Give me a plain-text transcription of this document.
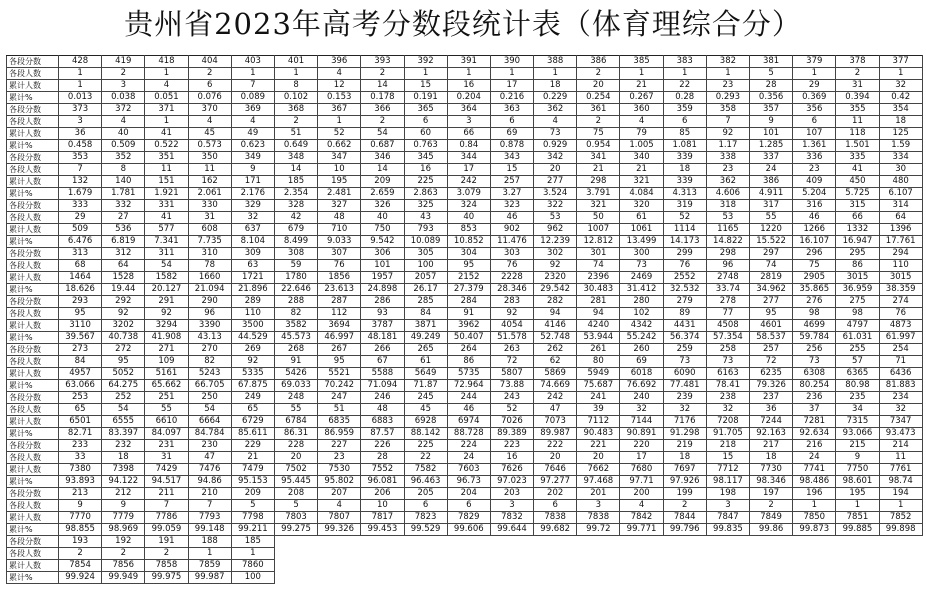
贵州省2023年高考分数段统计表（体育理综合分）
各段分数	428	419	418	404	403	401	396	393	392	391	390	388	386	385	383	382	381	379	378	377
各段人数	1	2	1	2	1	1	4	2	1	1	1	1	2	1	1	1	5	1	2	1
累计人数	1	3	4	6	7	8	12	14	15	16	17	18	20	21	22	23	28	29	31	32
累计%	0.013	0.038	0.051	0.076	0.089	0.102	0.153	0.178	0.191	0.204	0.216	0.229	0.254	0.267	0.28	0.293	0.356	0.369	0.394	0.42
各段分数	373	372	371	370	369	368	367	366	365	364	363	362	361	360	359	358	357	356	355	354
各段人数	3	4	1	4	4	2	1	2	6	3	6	4	2	4	6	7	9	6	11	18
累计人数	36	40	41	45	49	51	52	54	60	66	69	73	75	79	85	92	101	107	118	125
累计%	0.458	0.509	0.522	0.573	0.623	0.649	0.662	0.687	0.763	0.84	0.878	0.929	0.954	1.005	1.081	1.17	1.285	1.361	1.501	1.59
各段分数	353	352	351	350	349	348	347	346	345	344	343	342	341	340	339	338	337	336	335	334
各段人数	7	8	11	11	9	14	10	14	16	17	15	20	21	21	18	23	24	23	41	30
累计人数	132	140	151	162	171	185	195	209	225	242	257	277	298	321	339	362	386	409	450	480
累计%	1.679	1.781	1.921	2.061	2.176	2.354	2.481	2.659	2.863	3.079	3.27	3.524	3.791	4.084	4.313	4.606	4.911	5.204	5.725	6.107
各段分数	333	332	331	330	329	328	327	326	325	324	323	322	321	320	319	318	317	316	315	314
各段人数	29	27	41	31	32	42	48	40	43	40	46	53	50	61	52	53	55	46	66	64
累计人数	509	536	577	608	637	679	710	750	793	853	902	962	1007	1061	1114	1165	1220	1266	1332	1396
累计%	6.476	6.819	7.341	7.735	8.104	8.499	9.033	9.542	10.089	10.852	11.476	12.239	12.812	13.499	14.173	14.822	15.522	16.107	16.947	17.761
各段分数	313	312	311	310	309	308	307	306	305	304	303	302	301	300	299	298	297	296	295	294
各段人数	68	64	54	78	63	59	76	101	100	95	76	92	74	73	76	96	74	75	86	110
累计人数	1464	1528	1582	1660	1721	1780	1856	1957	2057	2152	2228	2320	2396	2469	2552	2748	2819	2905	3015	3015
累计%	18.626	19.44	20.127	21.094	21.896	22.646	23.613	24.898	26.17	27.379	28.346	29.542	30.483	31.412	32.532	33.74	34.962	35.865	36.959	38.359
各段分数	293	292	291	290	289	288	287	286	285	284	283	282	281	280	279	278	277	276	275	274
各段人数	95	92	92	96	110	82	112	93	84	91	92	94	94	102	89	77	95	98	98	76
累计人数	3110	3202	3294	3390	3500	3582	3694	3787	3871	3962	4054	4146	4240	4342	4431	4508	4601	4699	4797	4873
累计%	39.567	40.738	41.908	43.13	44.529	45.573	46.997	48.181	49.249	50.407	51.578	52.748	53.944	55.242	56.374	57.354	58.537	59.784	61.031	61.997
各段分数	273	272	271	270	269	268	267	266	265	264	263	262	261	260	259	258	257	256	255	254
各段人数	84	95	109	82	92	91	95	67	61	86	72	62	80	69	73	73	72	73	57	71
累计人数	4957	5052	5161	5243	5335	5426	5521	5588	5649	5735	5807	5869	5949	6018	6090	6163	6235	6308	6365	6436
累计%	63.066	64.275	65.662	66.705	67.875	69.033	70.242	71.094	71.87	72.964	73.88	74.669	75.687	76.692	77.481	78.41	79.326	80.254	80.98	81.883
各段分数	253	252	251	250	249	248	247	246	245	244	243	242	241	240	239	238	237	236	235	234
各段人数	65	54	55	54	65	55	51	48	45	46	52	47	39	32	32	32	36	37	34	32
累计人数	6501	6555	6610	6664	6729	6784	6835	6883	6928	6974	7026	7073	7112	7144	7176	7208	7244	7281	7315	7347
累计%	82.71	83.397	84.097	84.784	85.611	86.31	86.959	87.57	88.142	88.728	89.389	89.987	90.483	90.891	91.298	91.705	92.163	92.634	93.066	93.473
各段分数	233	232	231	230	229	228	227	226	225	224	223	222	221	220	219	218	217	216	215	214
各段人数	33	18	31	47	21	20	23	28	22	24	16	20	20	17	18	15	18	24	9	11
累计人数	7380	7398	7429	7476	7479	7502	7530	7552	7582	7603	7626	7646	7662	7680	7697	7712	7730	7741	7750	7761
累计%	93.893	94.122	94.517	94.86	95.153	95.445	95.802	96.081	96.463	96.73	97.023	97.277	97.468	97.71	97.926	98.117	98.346	98.486	98.601	98.74
各段分数	213	212	211	210	209	208	207	206	205	204	203	202	201	200	199	198	197	196	195	194
各段人数	9	9	7	7	5	5	4	10	6	6	3	6	3	4	2	3	2	1	1	1
累计人数	7770	7779	7786	7793	7798	7803	7807	7817	7823	7829	7832	7838	7838	7842	7844	7847	7849	7850	7851	7852
累计%	98.855	98.969	99.059	99.148	99.211	99.275	99.326	99.453	99.529	99.606	99.644	99.682	99.72	99.771	99.796	99.835	99.86	99.873	99.885	99.898
各段分数	193	192	191	188	185															
各段人数	2	2	2	1	1															
累计人数	7854	7856	7858	7859	7860															
累计%	99.924	99.949	99.975	99.987	100															
